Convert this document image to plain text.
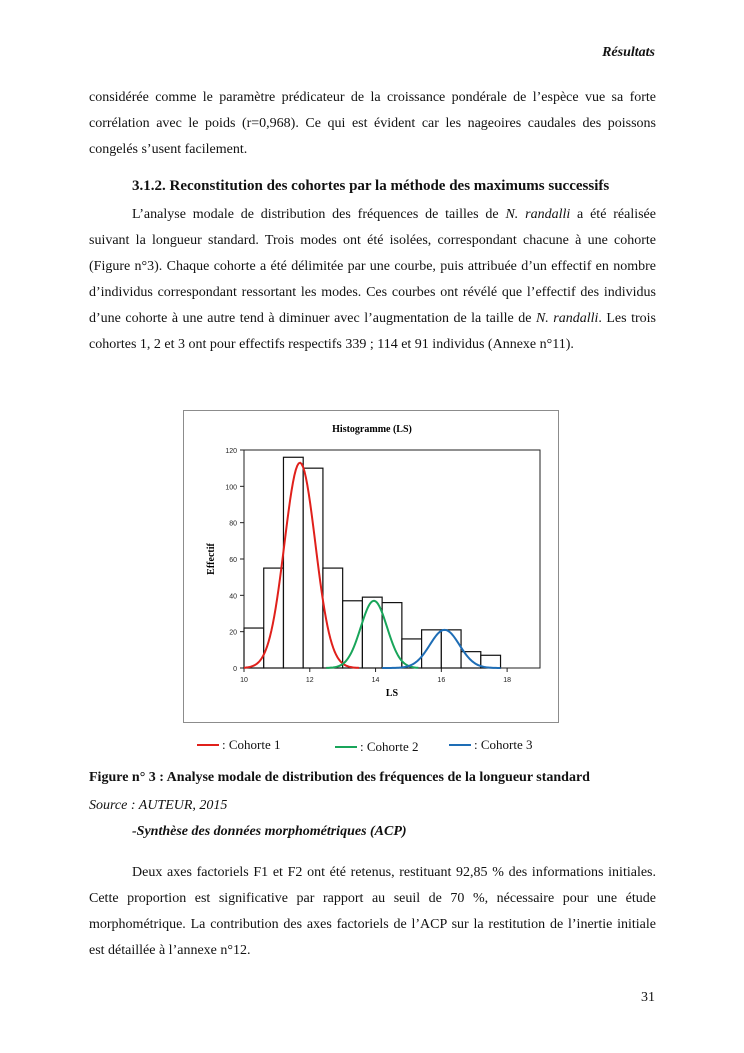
Résultats

considérée comme le paramètre prédicateur de la croissance pondérale de l’espèce vue sa forte corrélation avec le poids (r=0,968). Ce qui est évident car les nageoires caudales des poissons congelés s’usent facilement.

3.1.2. Reconstitution des cohortes par la méthode des maximums successifs

L’analyse modale de distribution des fréquences de tailles de N. randalli a été réalisée suivant la longueur standard. Trois modes ont été isolées, correspondant chacune à une cohorte (Figure n°3). Chaque cohorte a été délimitée par une courbe, puis attribuée d’un effectif en nombre d’individus correspondant ressortant les modes. Ces courbes ont révélé que l’effectif des individus d’une cohorte à une autre tend à diminuer avec l’augmentation de la taille de N. randalli. Les trois cohortes 1, 2 et 3 ont pour effectifs respectifs 339 ; 114 et 91 individus (Annexe n°11).

Histogramme (LS)
0
20
40
60
80
100
120
10	12	14	16	18
Effectif
LS
: Cohorte 1	: Cohorte 2	: Cohorte 3
Figure n° 3 : Analyse modale de distribution des fréquences de la longueur standard
Source : AUTEUR, 2015
-Synthèse des données morphométriques (ACP)

Deux axes factoriels F1 et F2 ont été retenus, restituant 92,85 % des informations initiales. Cette proportion est significative par rapport au seuil de 70 %, nécessaire pour une étude morphométrique. La contribution des axes factoriels de l’ACP sur la restitution de l’inertie initiale est détaillée à l’annexe n°12.

31
